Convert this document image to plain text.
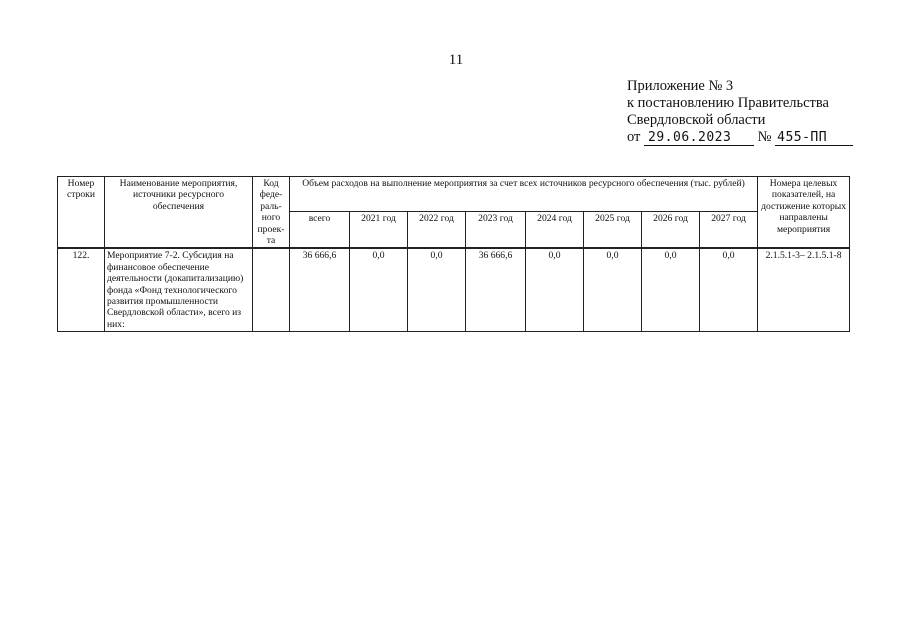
11
Приложение № 3
к постановлению Правительства
Свердловской области
от 29.06.2023 № 455-ПП
Номер строки	Наименование мероприятия, источники ресурсного обеспечения	Код феде-раль-ного проек-та	Объем расходов на выполнение мероприятия за счет всех источников ресурсного обеспечения (тыс. рублей)								Номера целевых показателей, на достижение которых направлены мероприятия
			всего	2021 год	2022 год	2023 год	2024 год	2025 год	2026 год	2027 год	
122.	Мероприятие 7-2. Субсидия на финансовое обеспечение деятельности (докапитализацию) фонда «Фонд технологического развития промышленности Свердловской области», всего из них:		36 666,6	0,0	0,0	36 666,6	0,0	0,0	0,0	0,0	2.1.5.1-3– 2.1.5.1-8
